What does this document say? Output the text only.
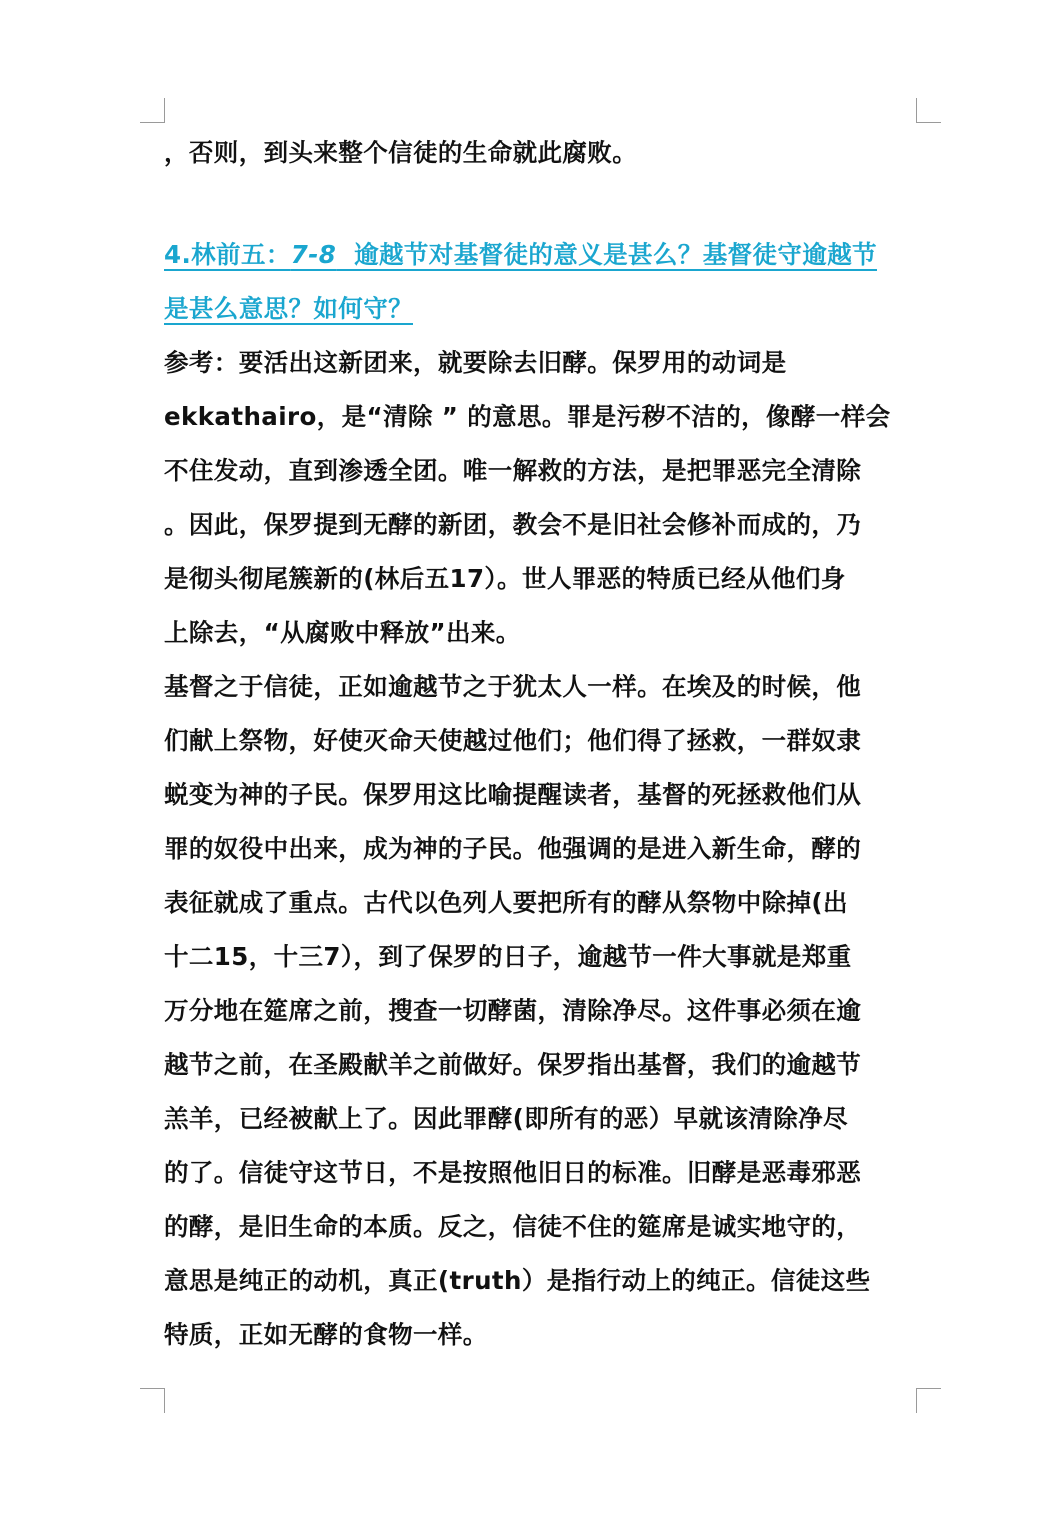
，否则，到头来整个信徒的生命就此腐败。
4.林前五：7-8  逾越节对基督徒的意义是甚么？基督徒守逾越节
是甚么意思？如何守？
参考：要活出这新团来，就要除去旧酵。保罗用的动词是
ekkathairo，是“清除 ” 的意思。罪是污秽不洁的，像酵一样会
不住发动，直到渗透全团。唯一解救的方法，是把罪恶完全清除
。因此，保罗提到无酵的新团，教会不是旧社会修补而成的，乃
是彻头彻尾簇新的(林后五17）。世人罪恶的特质已经从他们身
上除去，“从腐败中释放”出来。
基督之于信徒，正如逾越节之于犹太人一样。在埃及的时候，他
们献上祭物，好使灭命天使越过他们；他们得了拯救，一群奴隶
蜕变为神的子民。保罗用这比喻提醒读者，基督的死拯救他们从
罪的奴役中出来，成为神的子民。他强调的是进入新生命，酵的
表征就成了重点。古代以色列人要把所有的酵从祭物中除掉(出
十二15，十三7），到了保罗的日子，逾越节一件大事就是郑重
万分地在筵席之前，搜查一切酵菌，清除净尽。这件事必须在逾
越节之前，在圣殿献羊之前做好。保罗指出基督，我们的逾越节
羔羊，已经被献上了。因此罪酵(即所有的恶）早就该清除净尽
的了。信徒守这节日，不是按照他旧日的标准。旧酵是恶毒邪恶
的酵，是旧生命的本质。反之，信徒不住的筵席是诚实地守的，
意思是纯正的动机，真正(truth）是指行动上的纯正。信徒这些
特质，正如无酵的食物一样。
